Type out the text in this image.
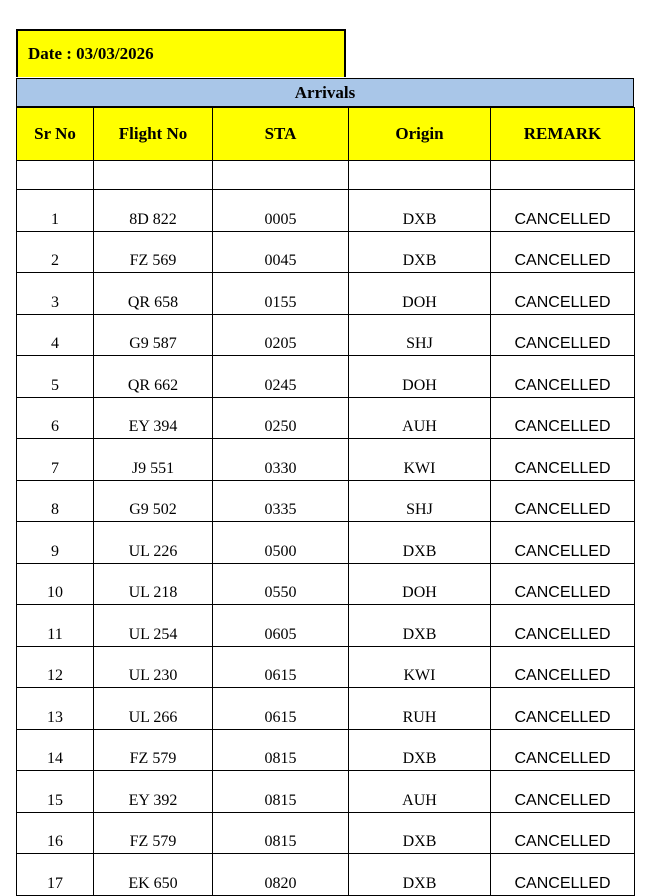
Date : 03/03/2026
Arrivals
Sr No	Flight No	STA	Origin	REMARK

1	8D 822	0005	DXB	CANCELLED
2	FZ 569	0045	DXB	CANCELLED
3	QR 658	0155	DOH	CANCELLED
4	G9 587	0205	SHJ	CANCELLED
5	QR 662	0245	DOH	CANCELLED
6	EY 394	0250	AUH	CANCELLED
7	J9 551	0330	KWI	CANCELLED
8	G9 502	0335	SHJ	CANCELLED
9	UL 226	0500	DXB	CANCELLED
10	UL 218	0550	DOH	CANCELLED
11	UL 254	0605	DXB	CANCELLED
12	UL 230	0615	KWI	CANCELLED
13	UL 266	0615	RUH	CANCELLED
14	FZ 579	0815	DXB	CANCELLED
15	EY 392	0815	AUH	CANCELLED
16	FZ 579	0815	DXB	CANCELLED
17	EK 650	0820	DXB	CANCELLED
